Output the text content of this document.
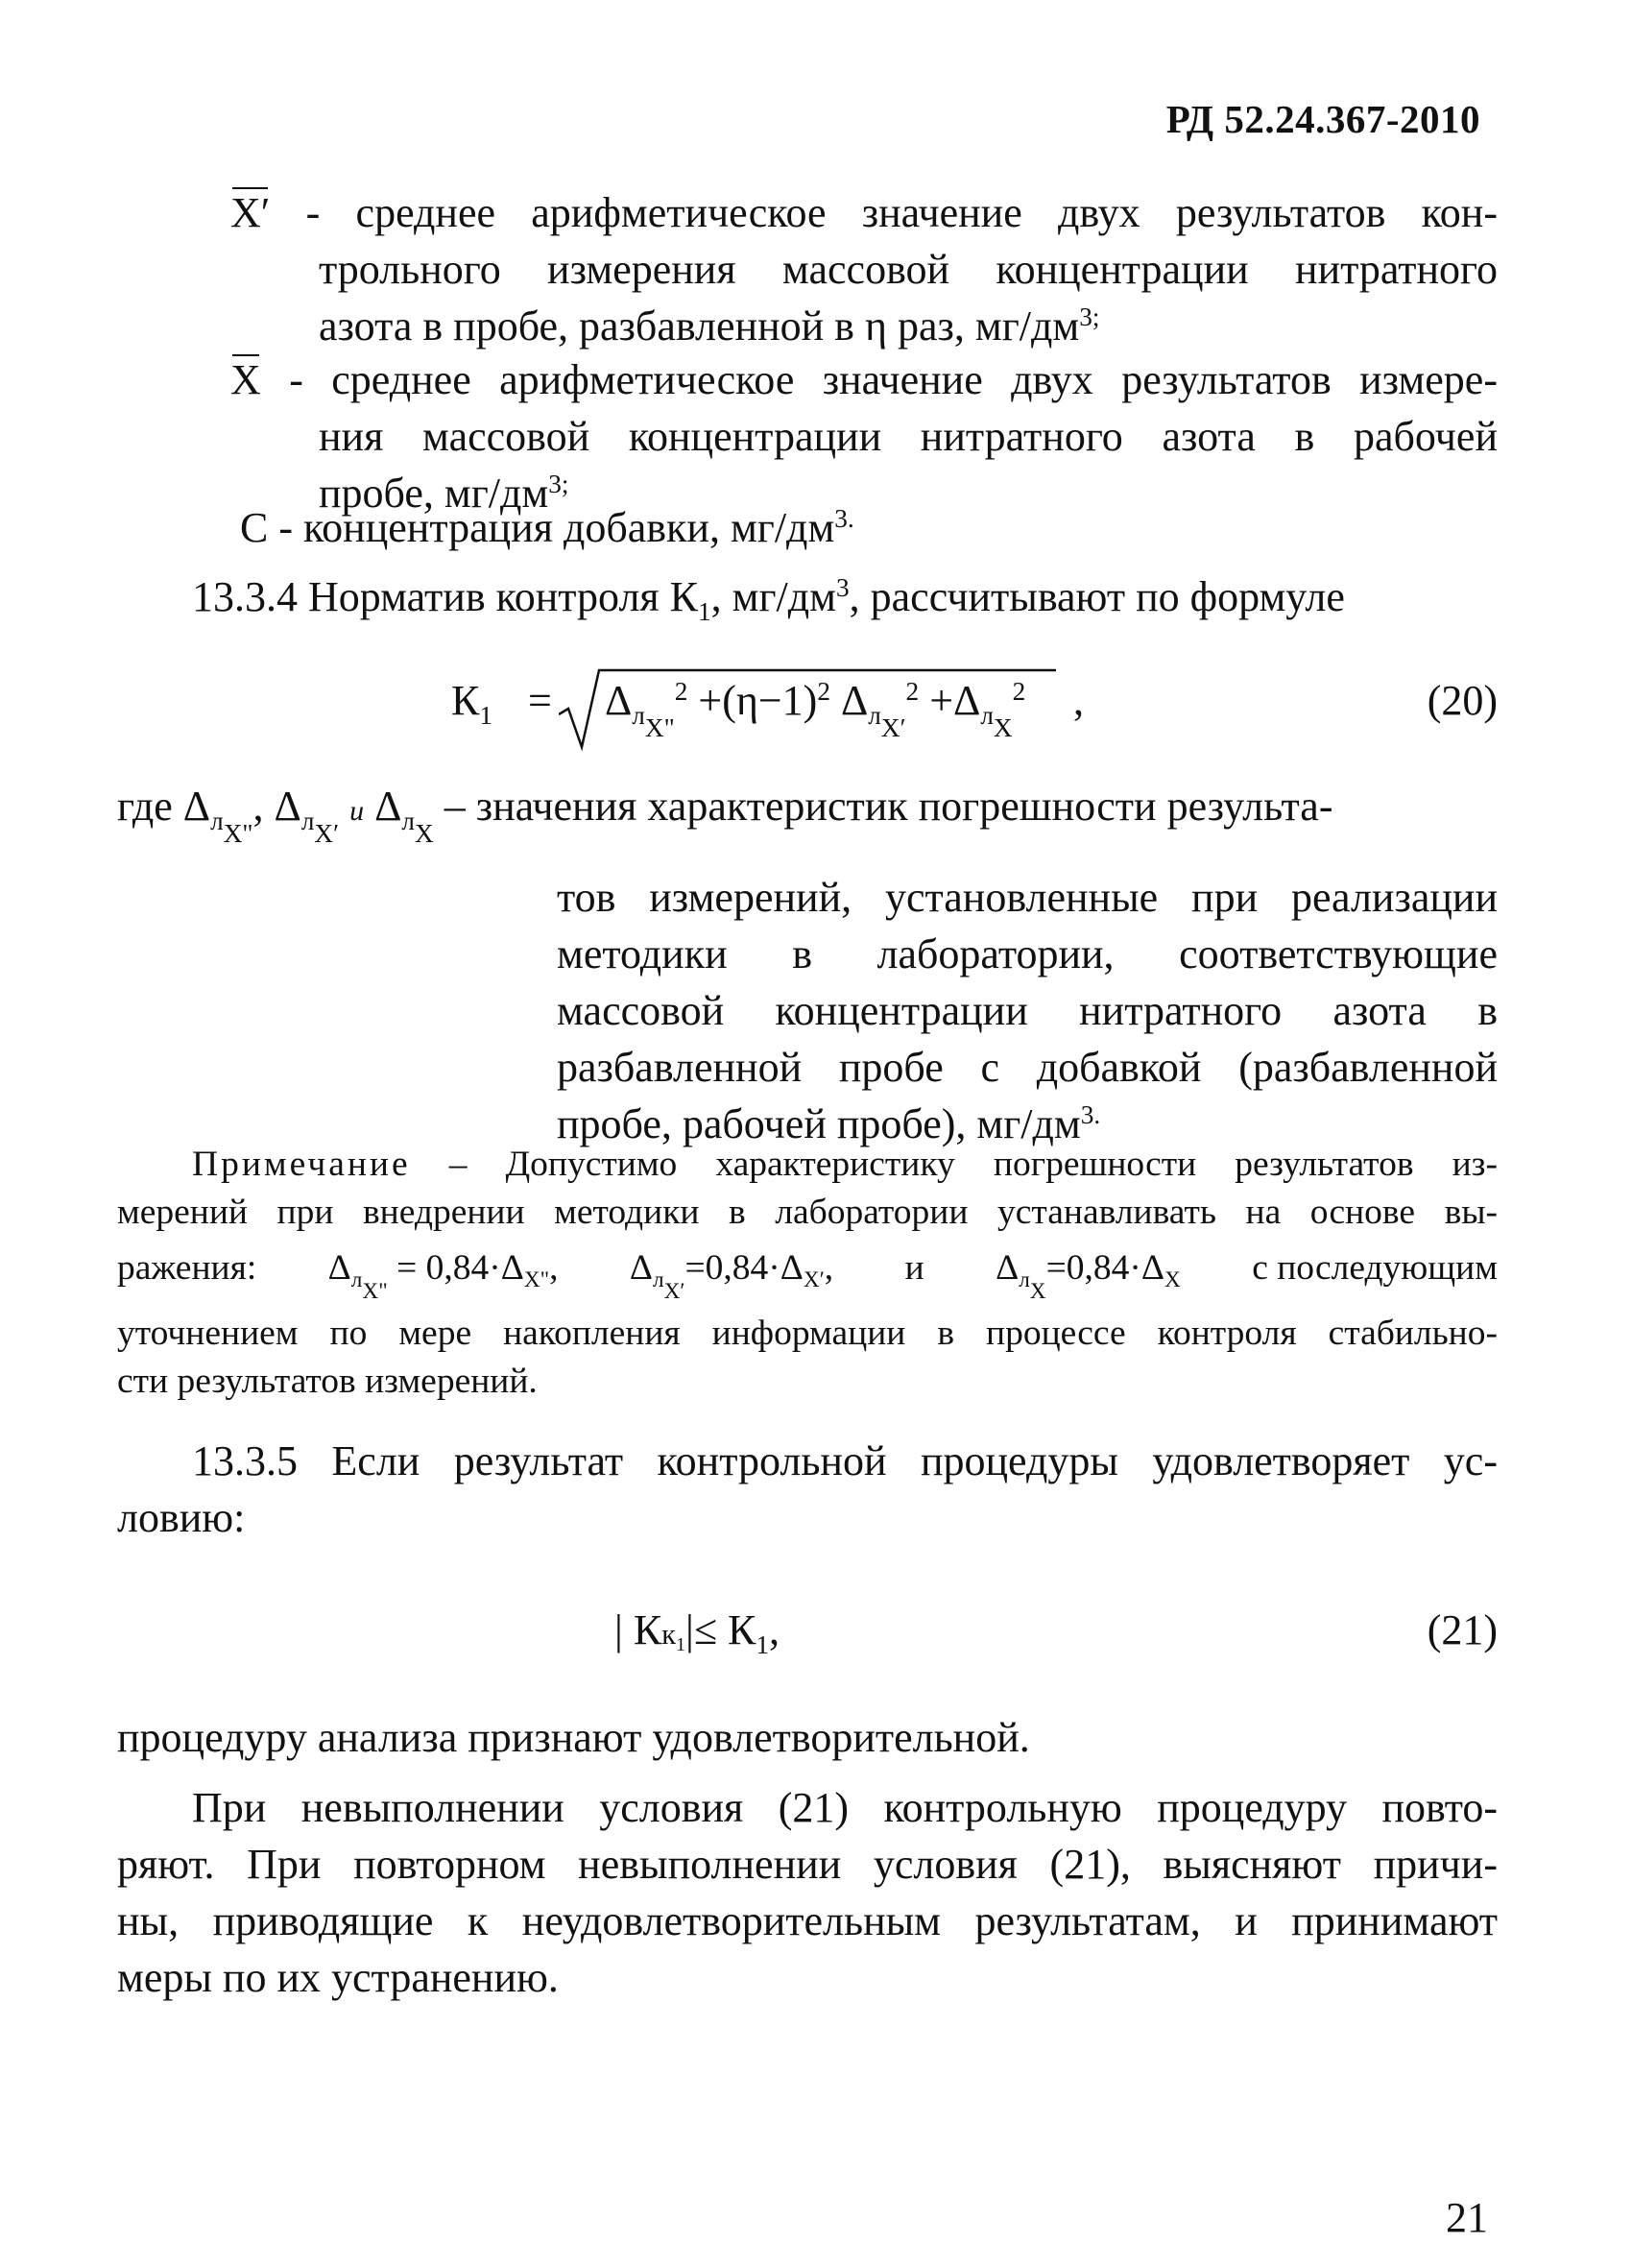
РД 52.24.367-2010
X′ - среднее арифметическое значение двух результатов кон-
трольного измерения массовой концентрации нитратного
азота в пробе, разбавленной в η раз, $мг/дм^{3;}$
X - среднее арифметическое значение двух результатов измере-
ния массовой концентрации нитратного азота в рабочей
пробе, $мг/дм^{3;}$
С - концентрация добавки, $мг/дм^{3.}$
13.3.4 Норматив контроля $К_1$, $мг/дм^3$, рассчитывают по формуле
$К_1 = \Delta_{лX"}^2 +(\eta-1)^2$ $\Delta_{лX'}^2 +\Delta_{лX}^2$ ,	(20)
где $\Delta_{лX"}$, $\Delta_{лX'}$ и $\Delta_{лX}$ – значения характеристик погрешности результа-
тов измерений, установленные при реализации
методики в лаборатории, соответствующие
массовой концентрации нитратного азота в
разбавленной пробе с добавкой (разбавленной
пробе, рабочей пробе), $мг/дм^{3.}$
Примечание – Допустимо характеристику погрешности результатов из-
мерений при внедрении методики в лаборатории устанавливать на основе вы-
ражения: $\Delta_{лX"} = 0,84\cdot\Delta_{X"}$, $\Delta_{лX'}=0,84\cdot\Delta_{X'}$, и $\Delta_{лX}=0,84\cdot\Delta_X$ с последующим
уточнением по мере накопления информации в процессе контроля стабильно-
сти результатов измерений.
13.3.5 Если результат контрольной процедуры удовлетворяет ус-
ловию:
| $Кк1|\le К_1$,	(21)
процедуру анализа признают удовлетворительной.
При невыполнении условия (21) контрольную процедуру повто-
ряют. При повторном невыполнении условия (21), выясняют причи-
ны, приводящие к неудовлетворительным результатам, и принимают
меры по их устранению.
21
